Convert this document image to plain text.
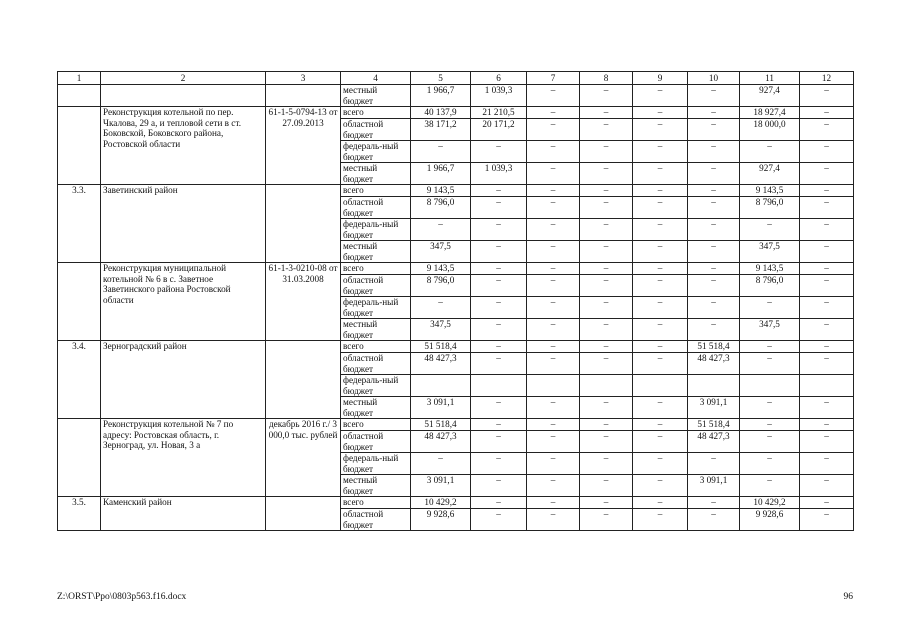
1	2	3	4	5	6	7	8	9	10	11	12
			местный бюджет	1 966,7	1 039,3	–	–	–	–	927,4	–
	Реконструкция котельной по пер. Чкалова, 29 а, и тепловой сети в ст. Боковской, Боковского района, Ростовской области	61-1-5-0794-13 от 27.09.2013	всего	40 137,9	21 210,5	–	–	–	–	18 927,4	–
			областной бюджет	38 171,2	20 171,2	–	–	–	–	18 000,0	–
			федераль-ный бюджет	–	–	–	–	–	–	–	–
			местный бюджет	1 966,7	1 039,3	–	–	–	–	927,4	–
3.3.	Заветинский район		всего	9 143,5	–	–	–	–	–	9 143,5	–
			областной бюджет	8 796,0	–	–	–	–	–	8 796,0	–
			федераль-ный бюджет	–	–	–	–	–	–	–	–
			местный бюджет	347,5	–	–	–	–	–	347,5	–
	Реконструкция муниципальной котельной № 6 в с. Заветное Заветинского района Ростовской области	61-1-3-0210-08 от 31.03.2008	всего	9 143,5	–	–	–	–	–	9 143,5	–
			областной бюджет	8 796,0	–	–	–	–	–	8 796,0	–
			федераль-ный бюджет	–	–	–	–	–	–	–	–
			местный бюджет	347,5	–	–	–	–	–	347,5	–
3.4.	Зерноградский район		всего	51 518,4	–	–	–	–	51 518,4	–	–
			областной бюджет	48 427,3	–	–	–	–	48 427,3	–	–
			федераль-ный бюджет								
			местный бюджет	3 091,1	–	–	–	–	3 091,1	–	–
	Реконструкция котельной № 7 по адресу: Ростовская область, г. Зерноград, ул. Новая, 3 а	декабрь 2016 г./ 3 000,0 тыс. рублей	всего	51 518,4	–	–	–	–	51 518,4	–	–
			областной бюджет	48 427,3	–	–	–	–	48 427,3	–	–
			федераль-ный бюджет	–	–	–	–	–	–	–	–
			местный бюджет	3 091,1	–	–	–	–	3 091,1	–	–
3.5.	Каменский район		всего	10 429,2	–	–	–	–	–	10 429,2	–
			областной бюджет	9 928,6	–	–	–	–	–	9 928,6	–
Z:\ORST\Ppo\0803p563.f16.docx	96
